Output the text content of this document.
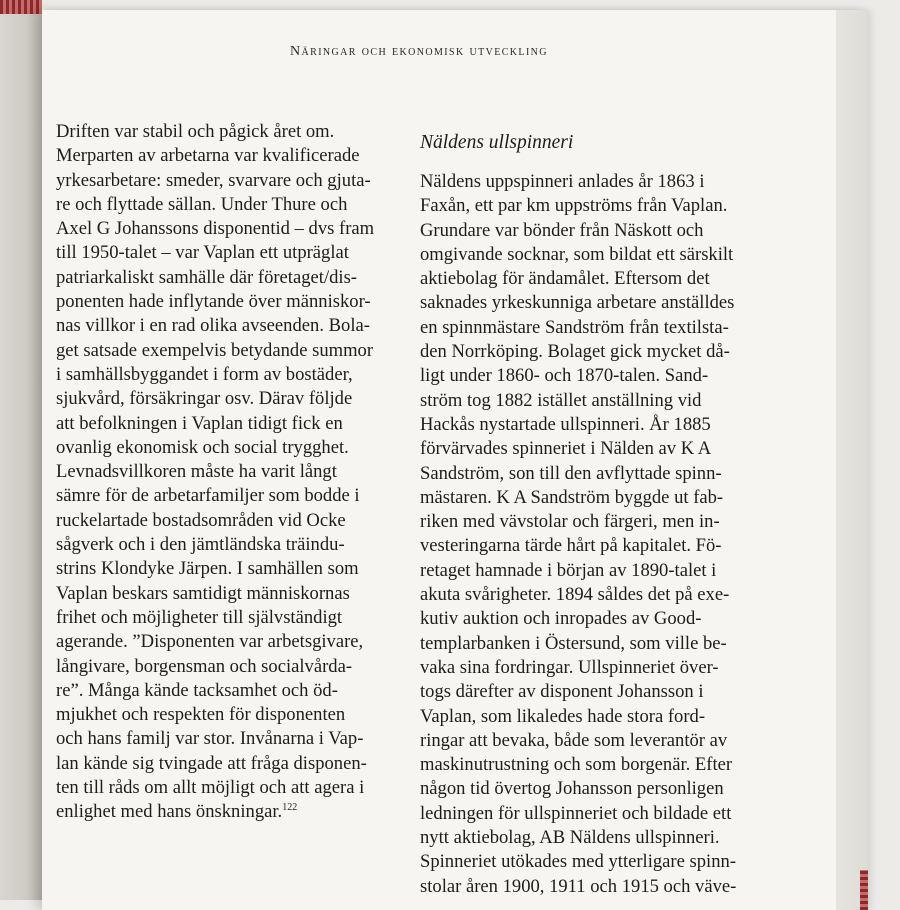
Näringar och ekonomisk utveckling
Driften var stabil och pågick året om.
Merparten av arbetarna var kvalificerade
yrkesarbetare: smeder, svarvare och gjuta-
re och flyttade sällan. Under Thure och
Axel G Johanssons disponentid – dvs fram
till 1950-talet – var Vaplan ett utpräglat
patriarkaliskt samhälle där företaget/dis-
ponenten hade inflytande över människor-
nas villkor i en rad olika avseenden. Bola-
get satsade exempelvis betydande summor
i samhällsbyggandet i form av bostäder,
sjukvård, försäkringar osv. Därav följde
att befolkningen i Vaplan tidigt fick en
ovanlig ekonomisk och social trygghet.
Levnadsvillkoren måste ha varit långt
sämre för de arbetarfamiljer som bodde i
ruckelartade bostadsområden vid Ocke
sågverk och i den jämtländska träindu-
strins Klondyke Järpen. I samhällen som
Vaplan beskars samtidigt människornas
frihet och möjligheter till självständigt
agerande. ”Disponenten var arbetsgivare,
långivare, borgensman och socialvårda-
re”. Många kände tacksamhet och öd-
mjukhet och respekten för disponenten
och hans familj var stor. Invånarna i Vap-
lan kände sig tvingade att fråga disponen-
ten till råds om allt möjligt och att agera i
enlighet med hans önskningar.$^{122}$
Näldens ullspinneri
Näldens uppspinneri anlades år 1863 i
Faxån, ett par km uppströms från Vaplan.
Grundare var bönder från Näskott och
omgivande socknar, som bildat ett särskilt
aktiebolag för ändamålet. Eftersom det
saknades yrkeskunniga arbetare anställdes
en spinnmästare Sandström från textilsta-
den Norrköping. Bolaget gick mycket då-
ligt under 1860- och 1870-talen. Sand-
ström tog 1882 istället anställning vid
Hackås nystartade ullspinneri. År 1885
förvärvades spinneriet i Nälden av K A
Sandström, son till den avflyttade spinn-
mästaren. K A Sandström byggde ut fab-
riken med vävstolar och färgeri, men in-
vesteringarna tärde hårt på kapitalet. Fö-
retaget hamnade i början av 1890-talet i
akuta svårigheter. 1894 såldes det på exe-
kutiv auktion och inropades av Good-
templarbanken i Östersund, som ville be-
vaka sina fordringar. Ullspinneriet över-
togs därefter av disponent Johansson i
Vaplan, som likaledes hade stora ford-
ringar att bevaka, både som leverantör av
maskinutrustning och som borgenär. Efter
någon tid övertog Johansson personligen
ledningen för ullspinneriet och bildade ett
nytt aktiebolag, AB Näldens ullspinneri.
Spinneriet utökades med ytterligare spinn-
stolar åren 1900, 1911 och 1915 och väve-
